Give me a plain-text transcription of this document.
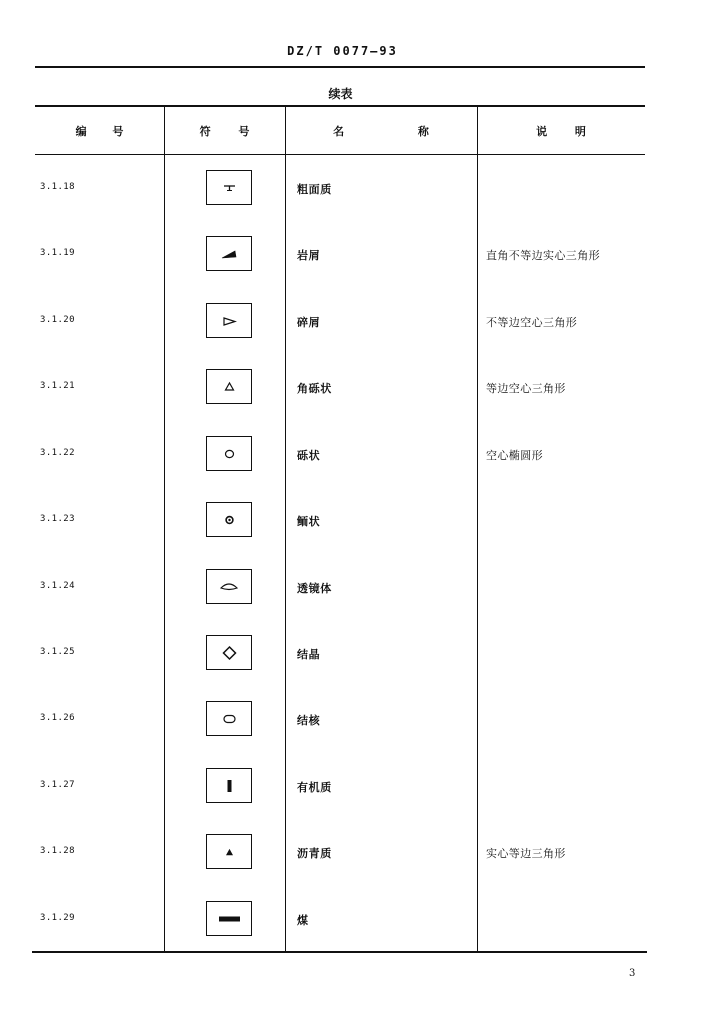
DZ/T 0077—93
续表
编 号	符 号	名 称	说 明
3.1.18	粗面质
3.1.19	岩屑	直角不等边实心三角形
3.1.20	碎屑	不等边空心三角形
3.1.21	角砾状	等边空心三角形
3.1.22	砾状	空心椭圆形
3.1.23	鲕状
3.1.24	透镜体
3.1.25	结晶
3.1.26	结核
3.1.27	有机质
3.1.28	沥青质	实心等边三角形
3.1.29	煤
3
